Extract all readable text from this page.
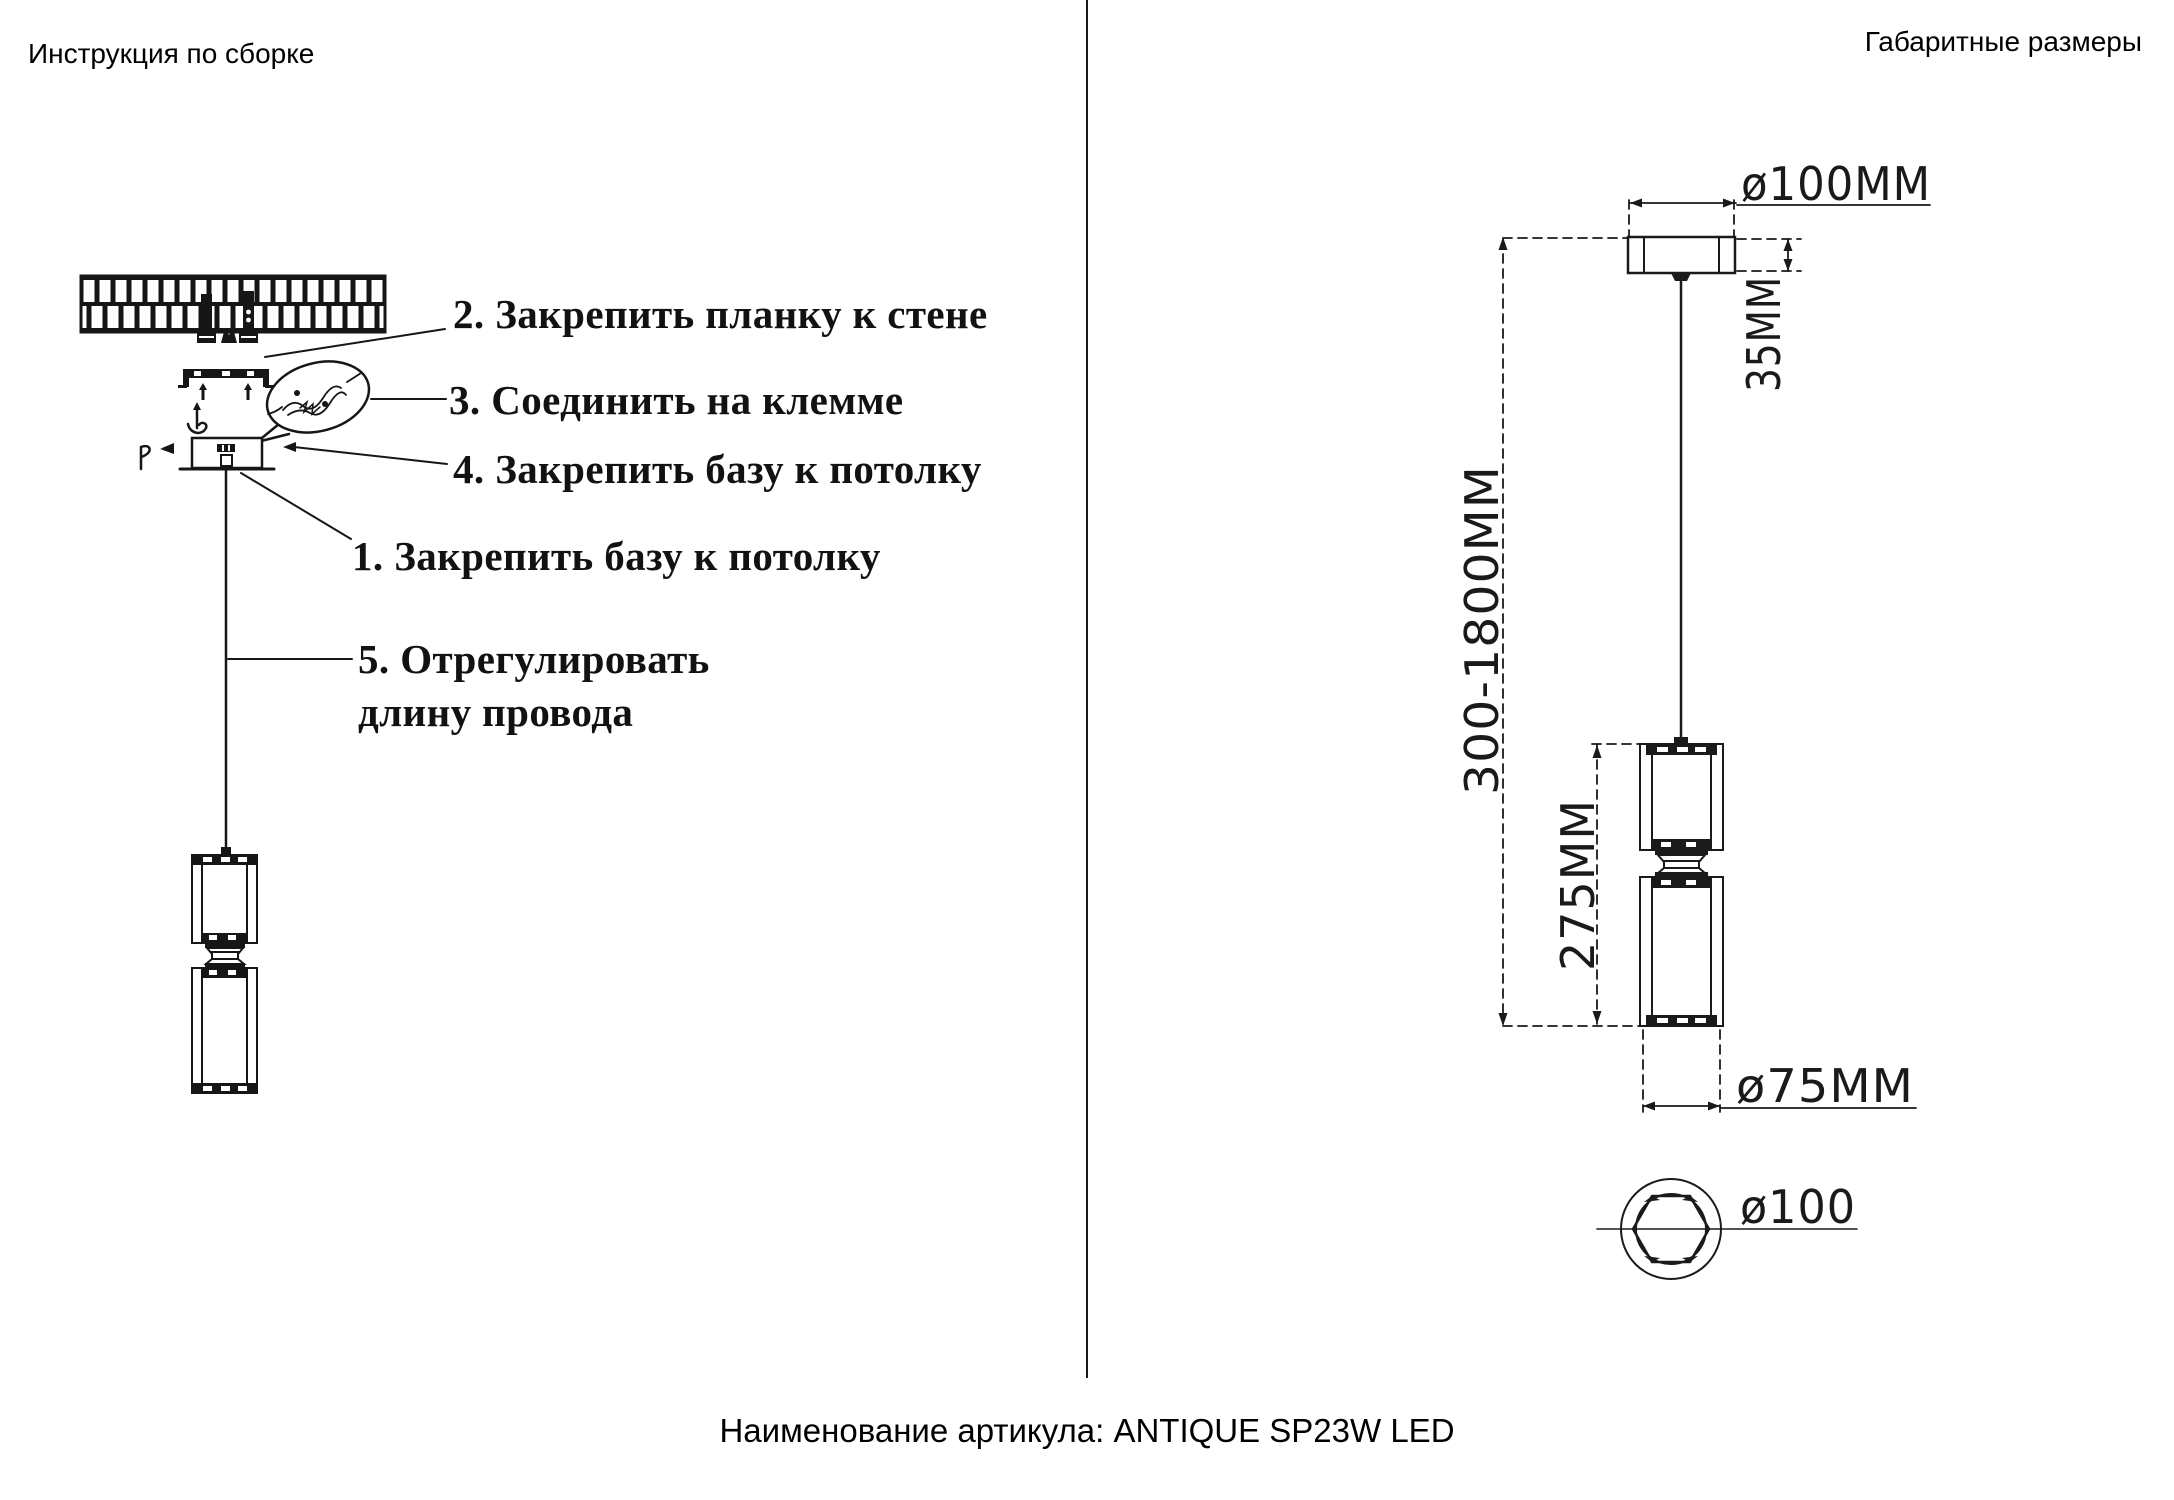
Инструкция по сборке	Габаритные размеры
2. Закрепить планку к стене
3. Соединить на клемме
4. Закрепить базу к потолку
1. Закрепить базу к потолку
5. Отрегулировать
длину провода
Наименование артикула: ANTIQUE SP23W LED
ø100MM
35MM
300-1800MM
275MM
ø75MM
ø100
